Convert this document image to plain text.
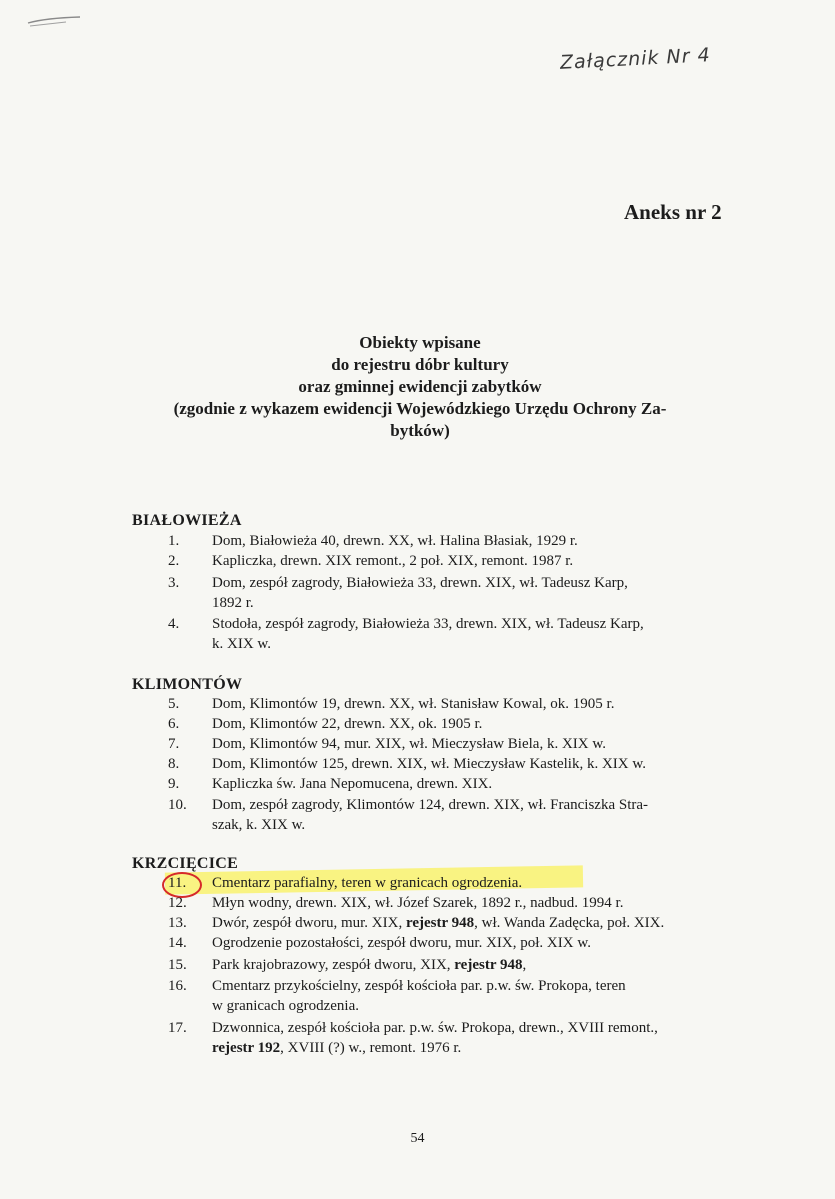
Załącznik Nr 4
Aneks nr 2
Obiekty wpisane
do rejestru dóbr kultury
oraz gminnej ewidencji zabytków
(zgodnie z wykazem ewidencji Wojewódzkiego Urzędu Ochrony Za-
bytków)
BIAŁOWIEŻA
1.	Dom, Białowieża 40, drewn. XX, wł. Halina Błasiak, 1929 r.
2.	Kapliczka, drewn. XIX remont., 2 poł. XIX, remont. 1987 r.
3.	Dom, zespół zagrody, Białowieża 33, drewn. XIX, wł. Tadeusz Karp,
1892 r.
4.	Stodoła, zespół zagrody, Białowieża 33, drewn. XIX, wł. Tadeusz Karp,
k. XIX w.
KLIMONTÓW
5.	Dom, Klimontów 19, drewn. XX, wł. Stanisław Kowal, ok. 1905 r.
6.	Dom, Klimontów 22, drewn. XX, ok. 1905 r.
7.	Dom, Klimontów 94, mur. XIX, wł. Mieczysław Biela, k. XIX w.
8.	Dom, Klimontów 125, drewn. XIX, wł. Mieczysław Kastelik, k. XIX w.
9.	Kapliczka św. Jana Nepomucena, drewn. XIX.
10.	Dom, zespół zagrody, Klimontów 124, drewn. XIX, wł. Franciszka Stra-
szak, k. XIX w.
KRZCIĘCICE
11.	Cmentarz parafialny, teren w granicach ogrodzenia.
12.	Młyn wodny, drewn. XIX, wł. Józef Szarek, 1892 r., nadbud. 1994 r.
13.	Dwór, zespół dworu, mur. XIX, rejestr 948, wł. Wanda Zadęcka, poł. XIX.
14.	Ogrodzenie pozostałości, zespół dworu, mur. XIX, poł. XIX w.
15.	Park krajobrazowy, zespół dworu, XIX, rejestr 948,
16.	Cmentarz przykościelny, zespół kościoła par. p.w. św. Prokopa, teren
w granicach ogrodzenia.
17.	Dzwonnica, zespół kościoła par. p.w. św. Prokopa, drewn., XVIII remont.,
rejestr 192, XVIII (?) w., remont. 1976 r.
54
